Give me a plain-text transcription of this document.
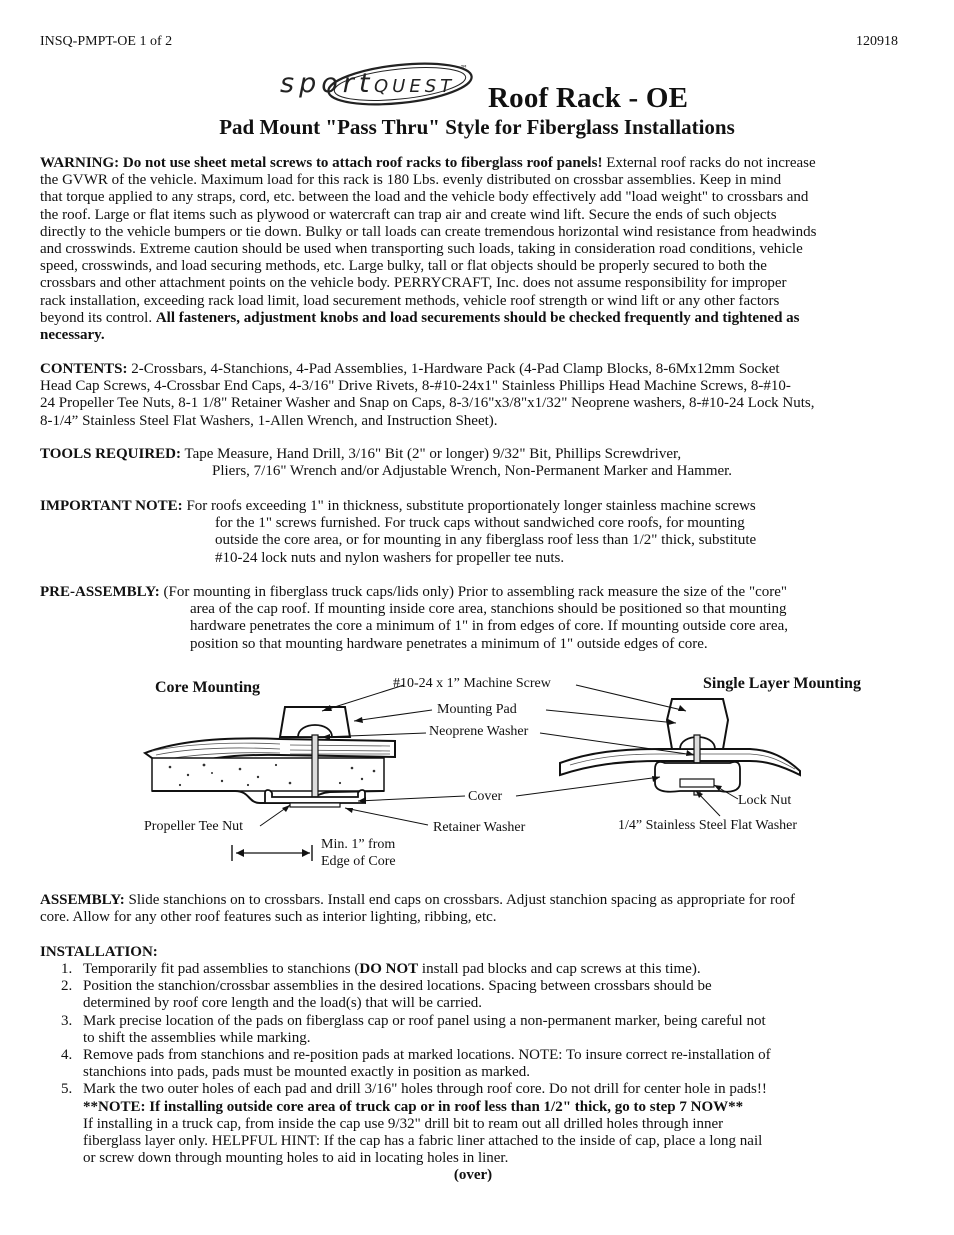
INSQ-PMPT-OE 1 of 2	120918
sport QUEST
™
Roof Rack - OE
Pad Mount "Pass Thru" Style for Fiberglass Installations
WARNING: Do not use sheet metal screws to attach roof racks to fiberglass roof panels! External roof racks do not increase
the GVWR of the vehicle. Maximum load for this rack is 180 Lbs. evenly distributed on crossbar assemblies. Keep in mind
that torque applied to any straps, cord, etc. between the load and the vehicle body effectively add "load weight" to crossbars and
the roof. Large or flat items such as plywood or watercraft can trap air and create wind lift. Secure the ends of such objects
directly to the vehicle bumpers or tie down. Bulky or tall loads can create tremendous horizontal wind resistance from headwinds
and crosswinds. Extreme caution should be used when transporting such loads, taking in consideration road conditions, vehicle
speed, crosswinds, and load securing methods, etc. Large bulky, tall or flat objects should be properly secured to both the
crossbars and other attachment points on the vehicle body. PERRYCRAFT, Inc. does not assume responsibility for improper
rack installation, exceeding rack load limit, load securement methods, vehicle roof strength or wind lift or any other factors
beyond its control. All fasteners, adjustment knobs and load securements should be checked frequently and tightened as
necessary.
CONTENTS: 2-Crossbars, 4-Stanchions, 4-Pad Assemblies, 1-Hardware Pack (4-Pad Clamp Blocks, 8-6Mx12mm Socket
Head Cap Screws, 4-Crossbar End Caps, 4-3/16" Drive Rivets, 8-#10-24x1" Stainless Phillips Head Machine Screws, 8-#10-
24 Propeller Tee Nuts, 8-1 1/8" Retainer Washer and Snap on Caps, 8-3/16"x3/8"x1/32" Neoprene washers, 8-#10-24 Lock Nuts,
8-1/4” Stainless Steel Flat Washers, 1-Allen Wrench, and Instruction Sheet).
TOOLS REQUIRED: Tape Measure, Hand Drill, 3/16" Bit (2" or longer) 9/32" Bit, Phillips Screwdriver,
Pliers, 7/16" Wrench and/or Adjustable Wrench, Non-Permanent Marker and Hammer.
IMPORTANT NOTE: For roofs exceeding 1" in thickness, substitute proportionately longer stainless machine screws
for the 1" screws furnished. For truck caps without sandwiched core roofs, for mounting
outside the core area, or for mounting in any fiberglass roof less than 1/2" thick, substitute
#10-24 lock nuts and nylon washers for propeller tee nuts.
PRE-ASSEMBLY: (For mounting in fiberglass truck caps/lids only) Prior to assembling rack measure the size of the "core"
area of the cap roof. If mounting inside core area, stanchions should be positioned so that mounting
hardware penetrates the core a minimum of 1" in from edges of core. If mounting outside core area,
position so that mounting hardware penetrates a minimum of 1" outside edges of core.
Core Mounting	Single Layer Mounting
#10-24 x 1” Machine Screw
Mounting Pad
Neoprene Washer
Cover	Lock Nut
Propeller Tee Nut	Retainer Washer	1/4” Stainless Steel Flat Washer
Min. 1” from
Edge of Core
ASSEMBLY: Slide stanchions on to crossbars. Install end caps on crossbars. Adjust stanchion spacing as appropriate for roof
core. Allow for any other roof features such as interior lighting, ribbing, etc.
INSTALLATION:
1. Temporarily fit pad assemblies to stanchions (DO NOT install pad blocks and cap screws at this time).
2. Position the stanchion/crossbar assemblies in the desired locations. Spacing between crossbars should be
determined by roof core length and the load(s) that will be carried.
3. Mark precise location of the pads on fiberglass cap or roof panel using a non-permanent marker, being careful not
to shift the assemblies while marking.
4. Remove pads from stanchions and re-position pads at marked locations. NOTE: To insure correct re-installation of
stanchions into pads, pads must be mounted exactly in position as marked.
5. Mark the two outer holes of each pad and drill 3/16" holes through roof core. Do not drill for center hole in pads!!
**NOTE: If installing outside core area of truck cap or in roof less than 1/2" thick, go to step 7 NOW**
If installing in a truck cap, from inside the cap use 9/32" drill bit to ream out all drilled holes through inner
fiberglass layer only. HELPFUL HINT: If the cap has a fabric liner attached to the inside of cap, place a long nail
or screw down through mounting holes to aid in locating holes in liner.
(over)
